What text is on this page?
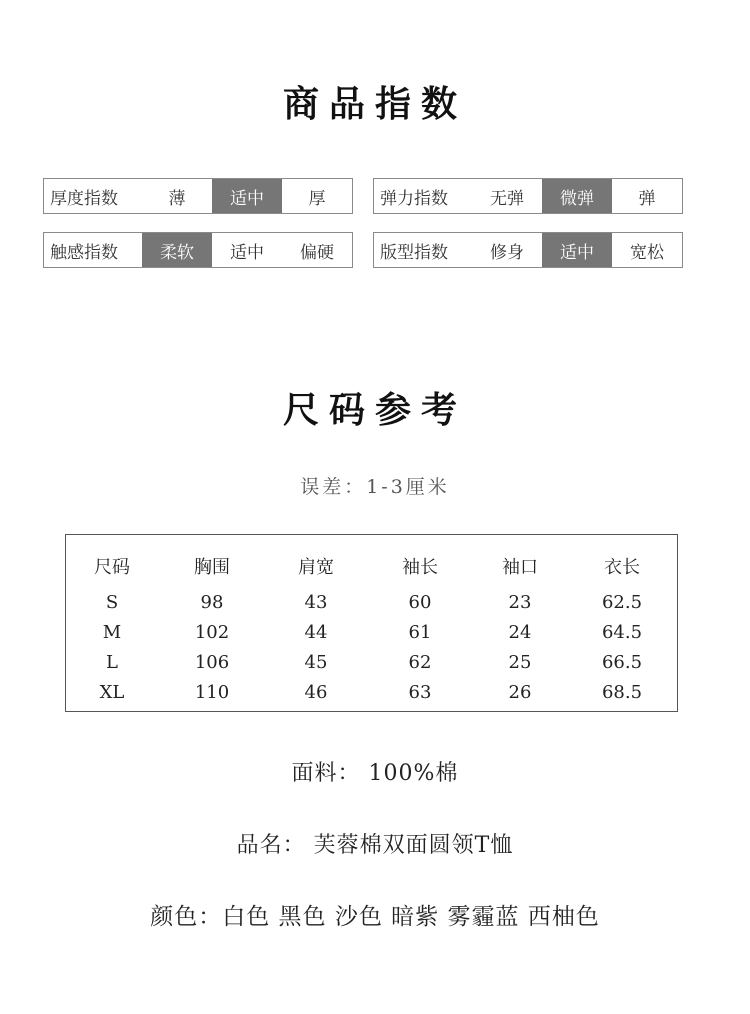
商品指数
厚度指数	薄	适中	厚	弹力指数	无弹	微弹	弹
触感指数	柔软	适中	偏硬	版型指数	修身	适中	宽松
尺码参考
误差：1-3厘米
尺码	胸围	肩宽	袖长	袖口	衣长
S	98	43	60	23	62.5
M	102	44	61	24	64.5
L	106	45	62	25	66.5
XL	110	46	63	26	68.5
面料： 100%棉
品名： 芙蓉棉双面圆领T恤
颜色：白色 黑色 沙色 暗紫 雾霾蓝 西柚色
